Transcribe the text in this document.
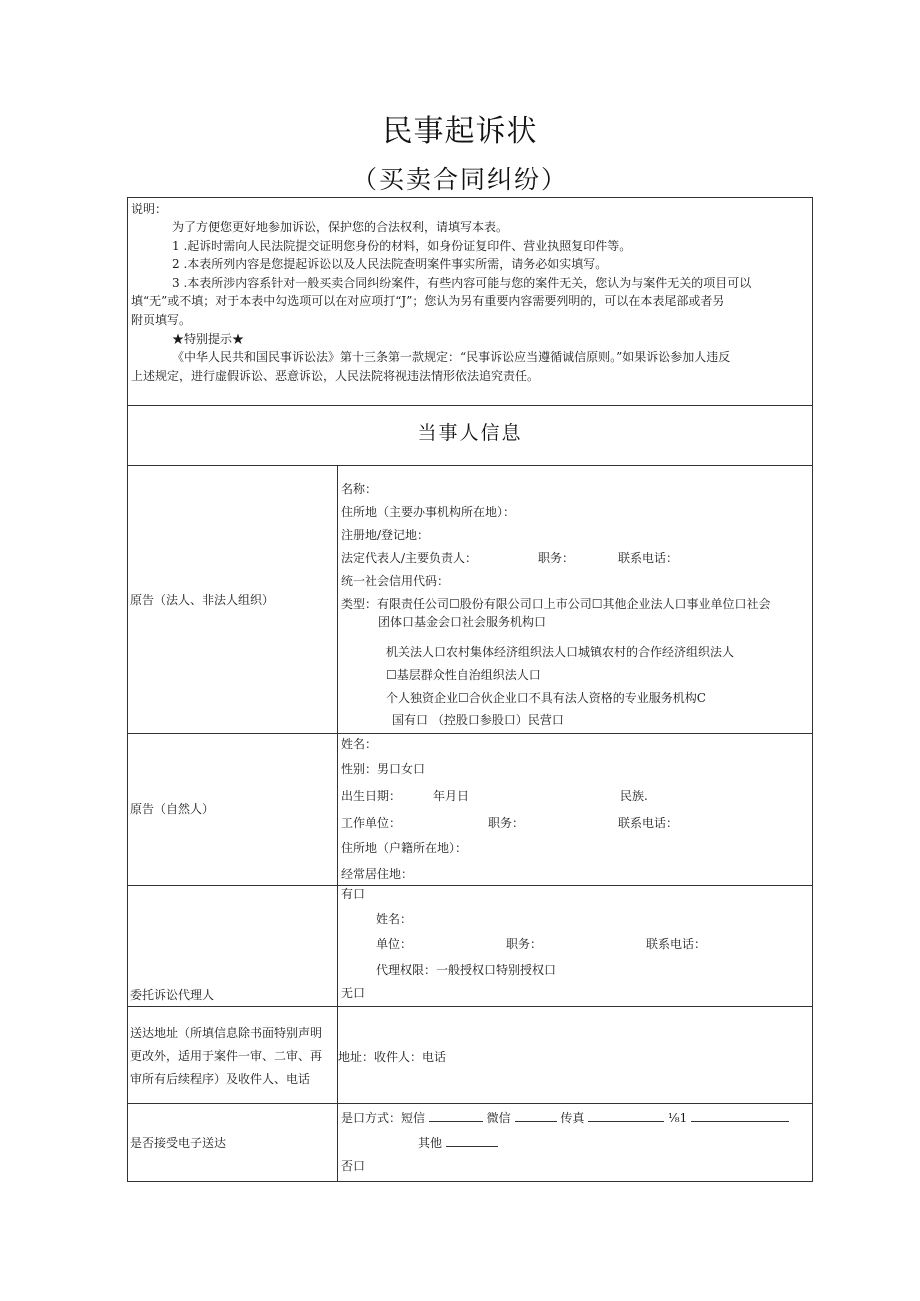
民事起诉状
（买卖合同纠纷）
说明：
为了方便您更好地参加诉讼，保护您的合法权利，请填写本表。
1 .起诉时需向人民法院提交证明您身份的材料，如身份证复印件、营业执照复印件等。
2 .本表所列内容是您提起诉讼以及人民法院查明案件事实所需，请务必如实填写。
3 .本表所涉内容系针对一般买卖合同纠纷案件，有些内容可能与您的案件无关，您认为与案件无关的项目可以
填“无”或不填；对于本表中勾选项可以在对应项打“J”；您认为另有重要内容需要列明的，可以在本表尾部或者另
附页填写。
★特别提示★
《中华人民共和国民事诉讼法》第十三条第一款规定：“民事诉讼应当遵循诚信原则。”如果诉讼参加人违反
上述规定，进行虚假诉讼、恶意诉讼，人民法院将视违法情形依法追究责任。
当事人信息
原告（法人、非法人组织）
名称：
住所地（主要办事机构所在地）：
注册地/登记地：
法定代表人/主要负责人：	职务：	联系电话：
统一社会信用代码：
类型：有限责任公司☐股份有限公司口上市公司☐其他企业法人口事业单位口社会
团体口基金会口社会服务机构口
机关法人口农村集体经济组织法人口城镇农村的合作经济组织法人
☐基层群众性自治组织法人口
个人独资企业☐合伙企业口不具有法人资格的专业服务机构C
国有口 （控股口参股口）民营口
原告（自然人）
姓名：
性别：男口女口
出生日期：	年月日	民族.
工作单位：	职务：	联系电话：
住所地（户籍所在地）：
经常居住地：
委托诉讼代理人
有口
姓名：
单位：	职务：	联系电话：
代理权限：一般授权口特别授权口
无口
送达地址（所填信息除书面特别声明
更改外，适用于案件一审、二审、再
审所有后续程序）及收件人、电话
地址：收件人：电话
是否接受电子送达
是口方式：短信	微信	传真	⅛1
其他
否口
